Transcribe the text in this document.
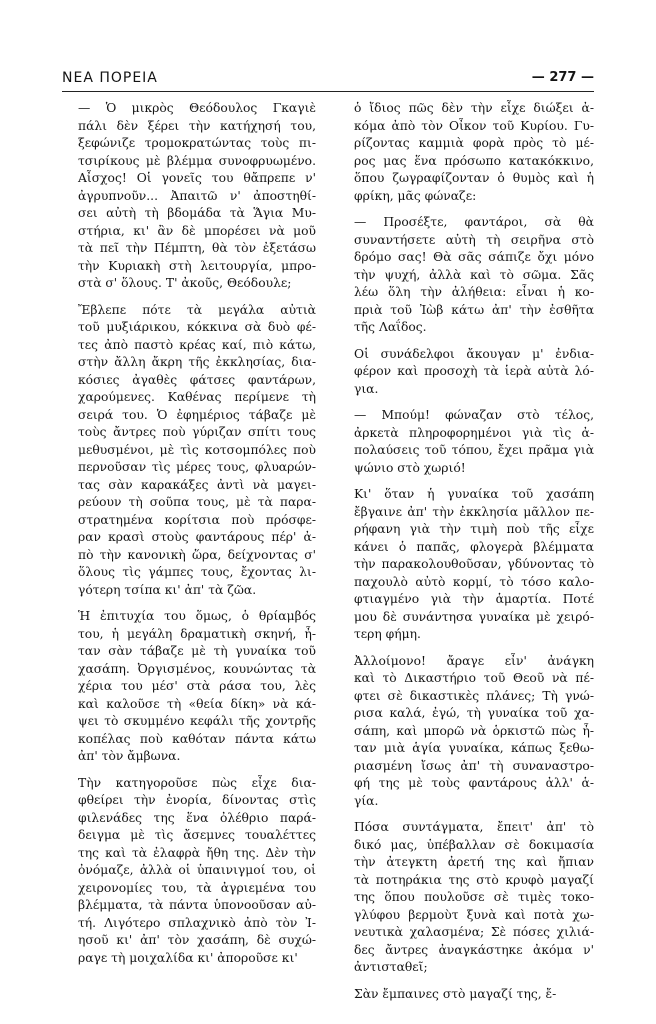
ΝΕΑ ΠΟΡΕΙΑ	— 277 —

— Ὁ μικρὸς Θεόδουλος Γκαγιὲ
πάλι δὲν ξέρει τὴν κατήχησή του,
ξεφώνιζε τρομοκρατώντας τοὺς πι-
τσιρίκους μὲ βλέμμα συνοφρυωμένο.
Αἶσχος! Οἱ γονεῖς του θἄπρεπε ν'
ἀγρυπνοῦν... Ἀπαιτῶ ν' ἀποστηθί-
σει αὐτὴ τὴ βδομάδα τὰ Ἅγια Μυ-
στήρια, κι' ἂν δὲ μπορέσει νὰ μοῦ
τὰ πεῖ τὴν Πέμπτη, θὰ τὸν ἐξετάσω
τὴν Κυριακὴ στὴ λειτουργία, μπρο-
στὰ σ' ὅλους. Τ' ἀκοῦς, Θεόδουλε;

Ἔβλεπε πότε τὰ μεγάλα αὐτιὰ
τοῦ μυξιάρικου, κόκκινα σὰ δυὸ φέ-
τες ἀπὸ παστὸ κρέας καί, πιὸ κάτω,
στὴν ἄλλη ἄκρη τῆς ἐκκλησίας, δια-
κόσιες ἀγαθὲς φάτσες φαντάρων,
χαρούμενες. Καθένας περίμενε τὴ
σειρά του. Ὁ ἐφημέριος τάβαζε μὲ
τοὺς ἄντρες ποὺ γύριζαν σπίτι τους
μεθυσμένοι, μὲ τὶς κοτσομπόλες ποὺ
περνοῦσαν τὶς μέρες τους, φλυαρών-
τας σὰν καρακάξες ἀντὶ νὰ μαγει-
ρεύουν τὴ σοῦπα τους, μὲ τὰ παρα-
στρατημένα κορίτσια ποὺ πρόσφε-
ραν κρασὶ στοὺς φαντάρους πέρ' ἀ-
πὸ τὴν κανονικὴ ὥρα, δείχνοντας σ'
ὅλους τὶς γάμπες τους, ἔχοντας λι-
γότερη τσίπα κι' ἀπ' τὰ ζῶα.

Ἡ ἐπιτυχία του ὅμως, ὁ θρίαμβός
του, ἡ μεγάλη δραματικὴ σκηνή, ἦ-
ταν σὰν τάβαζε μὲ τὴ γυναίκα τοῦ
χασάπη. Ὀργισμένος, κουνώντας τὰ
χέρια του μέσ' στὰ ράσα του, λὲς
καὶ καλοῦσε τὴ «θεία δίκη» νὰ κά-
ψει τὸ σκυμμένο κεφάλι τῆς χοντρῆς
κοπέλας ποὺ καθόταν πάντα κάτω
ἀπ' τὸν ἄμβωνα.

Τὴν κατηγοροῦσε πὼς εἶχε δια-
φθείρει τὴν ἐνορία, δίνοντας στὶς
φιλενάδες της ἕνα ὀλέθριο παρά-
δειγμα μὲ τὶς ἄσεμνες τουαλέττες
της καὶ τὰ ἐλαφρὰ ἤθη της. Δὲν τὴν
ὀνόμαζε, ἀλλὰ οἱ ὑπαινιγμοί του, οἱ
χειρονομίες του, τὰ ἀγριεμένα του
βλέμματα, τὰ πάντα ὑπονοοῦσαν αὐ-
τή. Λιγότερο σπλαχνικὸ ἀπὸ τὸν Ἰ-
ησοῦ κι' ἀπ' τὸν χασάπη, δὲ συχώ-
ραγε τὴ μοιχαλίδα κι' ἀποροῦσε κι'

ὁ ἴδιος πῶς δὲν τὴν εἶχε διώξει ἀ-
κόμα ἀπὸ τὸν Οἶκον τοῦ Κυρίου. Γυ-
ρίζοντας καμμιὰ φορὰ πρὸς τὸ μέ-
ρος μας ἕνα πρόσωπο κατακόκκινο,
ὅπου ζωγραφίζονταν ὁ θυμὸς καὶ ἡ
φρίκη, μᾶς φώναζε:

— Προσέξτε, φαντάροι, σὰ θὰ
συναντήσετε αὐτὴ τὴ σειρῆνα στὸ
δρόμο σας! Θὰ σᾶς σάπιζε ὄχι μόνο
τὴν ψυχή, ἀλλὰ καὶ τὸ σῶμα. Σᾶς
λέω ὅλη τὴν ἀλήθεια: εἶναι ἡ κο-
πριὰ τοῦ Ἰὼβ κάτω ἀπ' τὴν ἐσθῆτα
τῆς Λαΐδος.

Οἱ συνάδελφοι ἄκουγαν μ' ἐνδια-
φέρον καὶ προσοχὴ τὰ ἱερὰ αὐτὰ λό-
για.

— Μπούμ! φώναζαν στὸ τέλος,
ἀρκετὰ πληροφορημένοι γιὰ τὶς ἀ-
πολαύσεις τοῦ τόπου, ἔχει πρᾶμα γιὰ
ψώνιο στὸ χωριό!

Κι' ὅταν ἡ γυναίκα τοῦ χασάπη
ἔβγαινε ἀπ' τὴν ἐκκλησία μᾶλλον πε-
ρήφανη γιὰ τὴν τιμὴ ποὺ τῆς εἶχε
κάνει ὁ παπᾶς, φλογερὰ βλέμματα
τὴν παρακολουθοῦσαν, γδύνοντας τὸ
παχουλὸ αὐτὸ κορμί, τὸ τόσο καλο-
φτιαγμένο γιὰ τὴν ἁμαρτία. Ποτέ
μου δὲ συνάντησα γυναίκα μὲ χειρό-
τερη φήμη.

Ἀλλοίμονο! ἄραγε εἶν' ἀνάγκη
καὶ τὸ Δικαστήριο τοῦ Θεοῦ νὰ πέ-
φτει σὲ δικαστικὲς πλάνες; Τὴ γνώ-
ρισα καλά, ἐγώ, τὴ γυναίκα τοῦ χα-
σάπη, καὶ μπορῶ νὰ ὁρκιστῶ πὼς ἦ-
ταν μιὰ ἁγία γυναίκα, κάπως ξεθω-
ριασμένη ἴσως ἀπ' τὴ συναναστρο-
φή της μὲ τοὺς φαντάρους ἀλλ' ἁ-
γία.

Πόσα συντάγματα, ἔπειτ' ἀπ' τὸ
δικό μας, ὑπέβαλλαν σὲ δοκιμασία
τὴν ἀτεγκτη ἀρετή της καὶ ἤπιαν
τὰ ποτηράκια της στὸ κρυφὸ μαγαζί
της ὅπου πουλοῦσε σὲ τιμὲς τοκο-
γλύφου βερμοὺτ ξυνὰ καὶ ποτὰ χω-
νευτικὰ χαλασμένα; Σὲ πόσες χιλιά-
δες ἄντρες ἀναγκάστηκε ἀκόμα ν'
ἀντισταθεῖ;

Σὰν ἔμπαινες στὸ μαγαζί της, ἔ-
